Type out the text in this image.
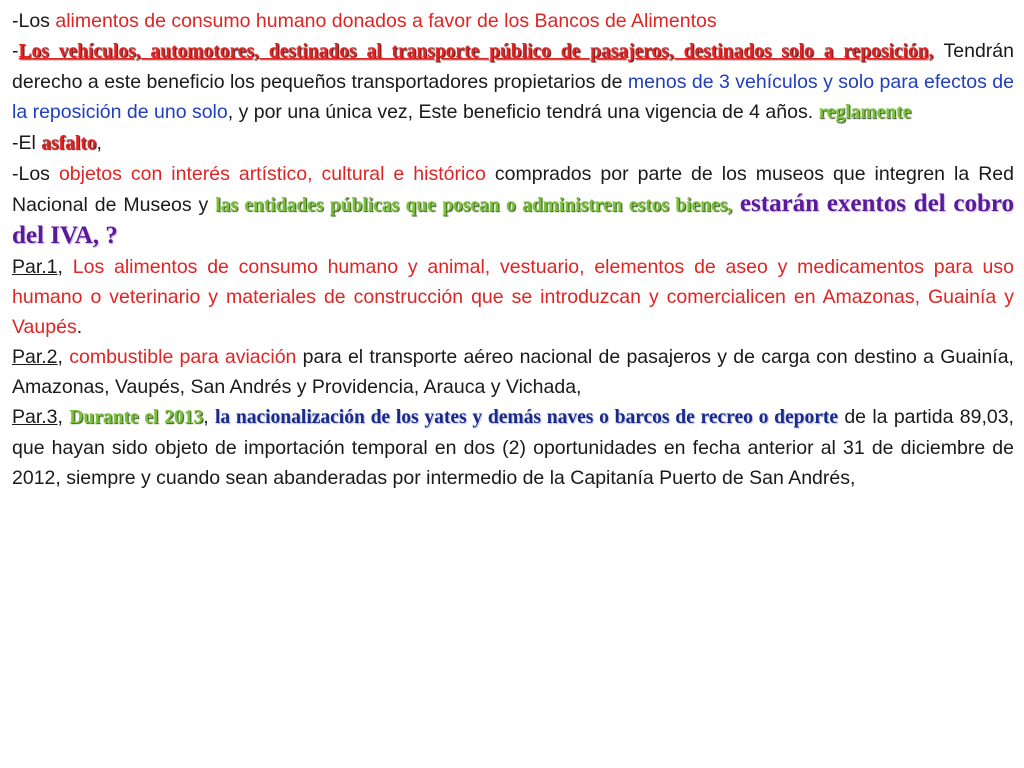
-Los alimentos de consumo humano donados a favor de los Bancos de Alimentos

-Los vehículos, automotores, destinados al transporte público de pasajeros, destinados solo a reposición, Tendrán derecho a este beneficio los pequeños transportadores propietarios de menos de 3 vehículos y solo para efectos de la reposición de uno solo, y por una única vez, Este beneficio tendrá una vigencia de 4 años. reglamente

-El asfalto,

-Los objetos con interés artístico, cultural e histórico comprados por parte de los museos que integren la Red Nacional de Museos y las entidades públicas que posean o administren estos bienes, estarán exentos del cobro del IVA, ?

Par.1, Los alimentos de consumo humano y animal, vestuario, elementos de aseo y medicamentos para uso humano o veterinario y materiales de construcción que se introduzcan y comercialicen en Amazonas, Guainía y Vaupés.

Par.2, combustible para aviación para el transporte aéreo nacional de pasajeros y de carga con destino a Guainía, Amazonas, Vaupés, San Andrés y Providencia, Arauca y Vichada,

Par.3, Durante el 2013, la nacionalización de los yates y demás naves o barcos de recreo o deporte de la partida 89,03, que hayan sido objeto de importación temporal en dos (2) oportunidades en fecha anterior al 31 de diciembre de 2012, siempre y cuando sean abanderadas por intermedio de la Capitanía Puerto de San Andrés,
